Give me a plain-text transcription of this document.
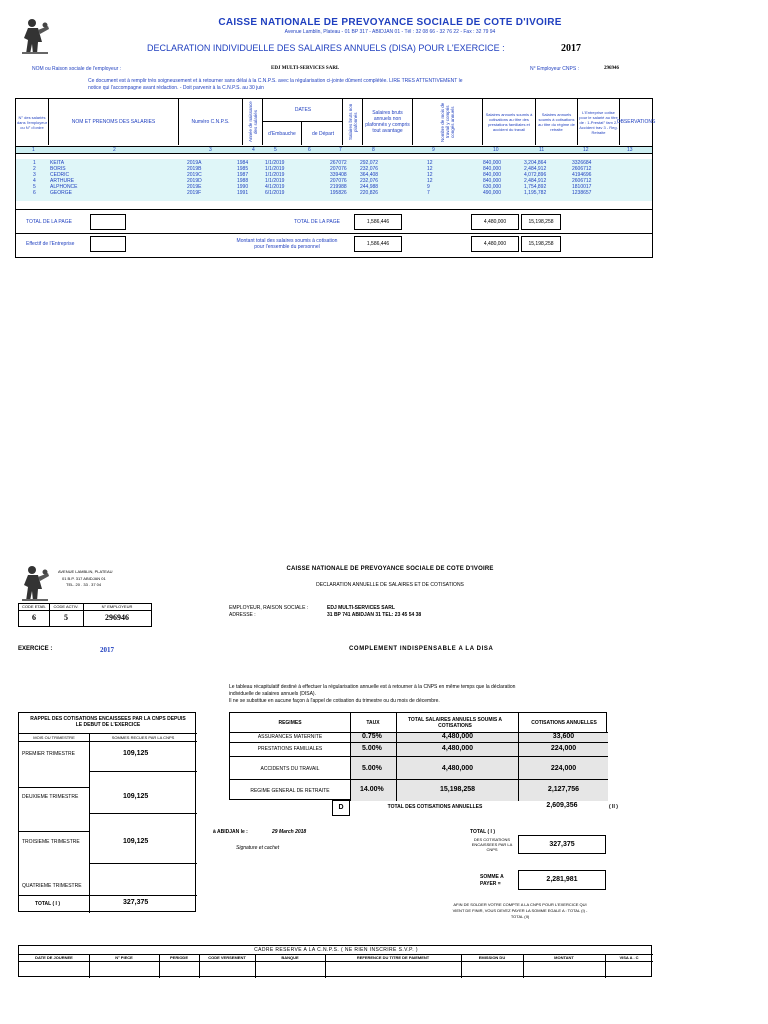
CAISSE NATIONALE DE PREVOYANCE SOCIALE DE COTE D'IVOIRE
Avenue Lamblin, Plateau - 01 BP 317 - ABIDJAN 01 - Tél : 32 08 66 - 32 76 22 - Fax : 32 79 94
DECLARATION INDIVIDUELLE DES SALAIRES ANNUELS (DISA) POUR L'EXERCICE :	2017
NOM ou Raison sociale de l'employeur :	EDJ MULTI-SERVICES SARL	N° Employeur CNPS :	296946
Ce document est à remplir très soigneusement et à retourner sans délai à la C.N.P.S. avec la régularisation ci-jointe dûment complétée. LIRE TRES ATTENTIVEMENT le
notice qui l'accompagne avant rédaction. - Doit parvenir à la C.N.P.S. au 30 juin
N° des salariés dans l'employeur ou N° d'ordre
NOM ET PRENOMS DES SALARIES	Numéro C.N.P.S.	Année de naissance des salariés	DATES
d'Embauche	de Départ	Salaires bruts non plafonnés	Salaires bruts annuels non plafonnés y compris tout avantage	Nombre de mois de travail y compris congés annuels	Salaires annuels soumis à cotisations au titre des prestations familiales et accident du travail
Salaires annuels soumis à cotisations au titre du régime de retraite
L'Entreprise cotise pour le salarié au titre de : 1-Prestat° fam 2-Accident trav 3 - Reg. Retraite
OBSERVATIONS
1	2	3	4	5	6	7	8	9	10	11	12	13
1	KEITA	2019A	1984	1/1/2019	267072	292,072	12	840,000	3,204,864	3326684
2	BORIS	2019B	1985	1/1/2019	207076	232,076	12	840,000	2,484,912	2606712
3	CEDRIC	2019C	1987	1/1/2019	339408	364,408	12	840,000	4,072,896	4194696
4	ARTHURE	2019D	1988	1/1/2019	207076	232,076	12	840,000	2,484,912	2606712
5	ALPHONCE	2019E	1990	4/1/2019	219988	244,988	9	630,000	1,754,892	1810017
6	GEORGE	2019F	1991	6/1/2019	195826	220,826	7	490,000	1,195,782	1238657
TOTAL DE LA PAGE	TOTAL DE LA PAGE	1,586,446	4,480,000	15,198,258
Effectif de l'Entreprise	Montant total des salaires soumis à cotisation
pour l'ensemble du personnel	1,586,446	4,480,000	15,198,258
AVENUE LAMBLIN, PLATEAU
01 B.P. 317 ABIDJAN 01
TEL. 20 . 33 . 37 04
CAISSE NATIONALE DE PREVOYANCE SOCIALE DE COTE D'IVOIRE
DECLARATION ANNUELLE DE SALAIRES ET DE COTISATIONS
CODE ETAB.	CODE ACTIV.	N° EMPLOYEUR
6	5	296946
EMPLOYEUR, RAISON SOCIALE :	EDJ MULTI-SERVICES SARL
ADRESSE :	31 BP 741 ABIDJAN 31 TEL: 23 45 54 38
EXERCICE :	2017	COMPLEMENT INDISPENSABLE A LA DISA
Le tableau récapitulatif destiné à effectuer la régularisation annuelle est à retourner à la CNPS en même temps que la déclaration
individuelle de salaires annuels (DISA).
Il ne se substitue en aucune façon à l'appel de cotisation du trimestre ou du mois de décembre.
RAPPEL DES COTISATIONS ENCAISSEES PAR LA CNPS DEPUIS
LE DEBUT DE L'EXERCICE
MOIS OU TRIMESTRE	SOMMES RECUES PAR LA CNPS
PREMIER TRIMESTRE	109,125
DEUXIEME TRIMESTRE	109,125
TROISIEME TRIMESTRE	109,125
QUATRIEME TRIMESTRE
TOTAL ( I )	327,375
REGIMES	TAUX	TOTAL SALAIRES ANNUELS SOUMIS A COTISATIONS	COTISATIONS ANNUELLES
ASSURANCES MATERNITE	0.75%	4,480,000	33,600
PRESTATIONS FAMILIALES	5.00%	4,480,000	224,000
ACCIDENTS DU TRAVAIL	5.00%	4,480,000	224,000
REGIME GENERAL DE RETRAITE	14.00%	15,198,258	2,127,756
D	TOTAL DES COTISATIONS ANNUELLES	2,609,356	( II )
à ABIDJAN le :	29 March 2018
Signature et cachet
TOTAL ( I )
DES COTISATIONS ENCAISSEES PAR LA CNPS
327,375
SOMME A
PAYER =
2,281,981
AFIN DE SOLDER VOTRE COMPTE A LA CNPS POUR L'EXERCICE QUI
VIENT DE FINIR, VOUS DEVEZ PAYER LA SOMME EGALE A : TOTAL (I) -
TOTAL (II)
CADRE RESERVE A LA C.N.P.S. ( NE RIEN INSCRIRE S.V.P. )
DATE DE JOURNEE	N° PIECE	PERIODE	CODE VERSEMENT	BANQUE	REFERENCE DU TITRE DE PAIEMENT	EMISSION DU	MONTANT	VISA A . C
